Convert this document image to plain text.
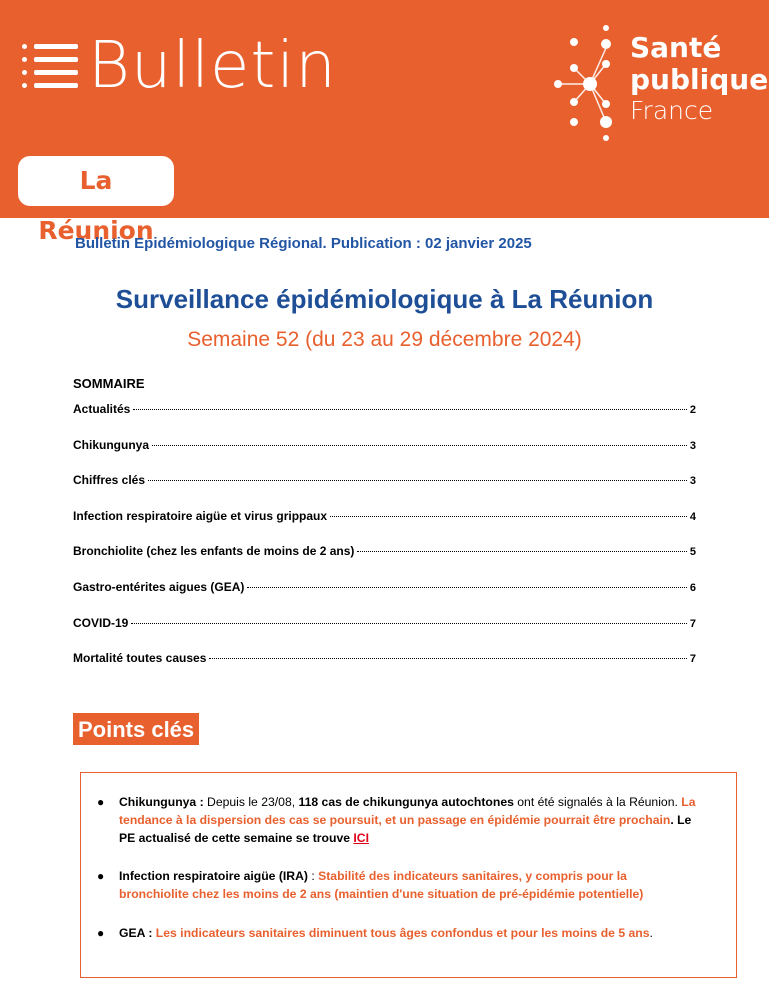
Bulletin
La Réunion
Santé
publique
France
Bulletin Epidémiologique Régional. Publication : 02 janvier 2025
Surveillance épidémiologique à La Réunion
Semaine 52 (du 23 au 29 décembre 2024)
SOMMAIRE
Actualités	2
Chikungunya	3
Chiffres clés	3
Infection respiratoire aigüe et virus grippaux	4
Bronchiolite (chez les enfants de moins de 2 ans)	5
Gastro-entérites aigues (GEA)	6
COVID-19	7
Mortalité toutes causes	7
Points clés
● Chikungunya : Depuis le 23/08, 118 cas de chikungunya autochtones ont été signalés à la Réunion. La tendance à la dispersion des cas se poursuit, et un passage en épidémie pourrait être prochain. Le PE actualisé de cette semaine se trouve ICI
● Infection respiratoire aigüe (IRA) : Stabilité des indicateurs sanitaires, y compris pour la bronchiolite chez les moins de 2 ans (maintien d'une situation de pré-épidémie potentielle)
● GEA : Les indicateurs sanitaires diminuent tous âges confondus et pour les moins de 5 ans.
